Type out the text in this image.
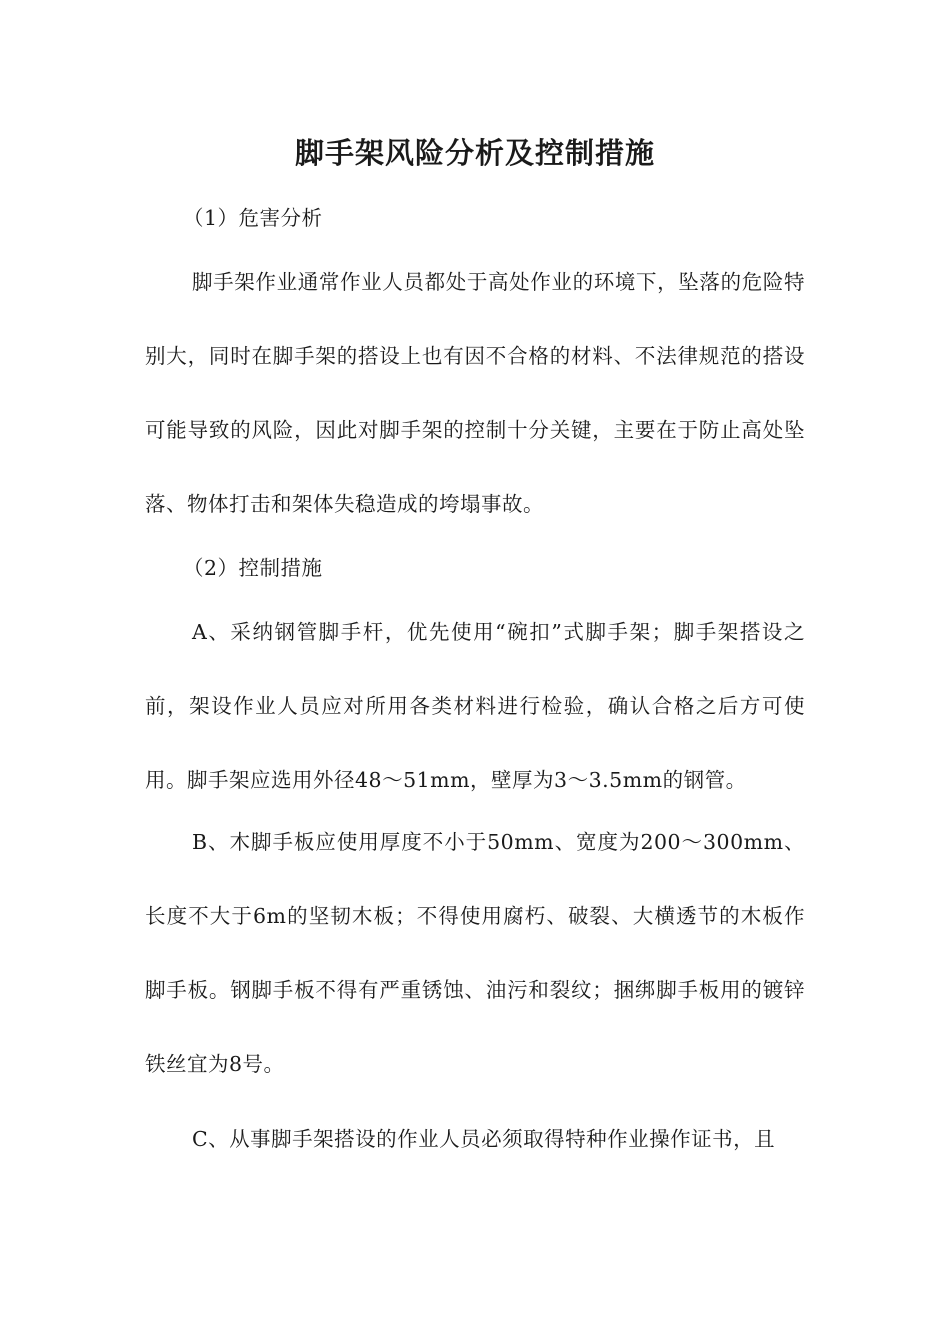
脚手架风险分析及控制措施
（1）危害分析

脚手架作业通常作业人员都处于高处作业的环境下，坠落的危险特别大，同时在脚手架的搭设上也有因不合格的材料、不法律规范的搭设可能导致的风险，因此对脚手架的控制十分关键，主要在于防止高处坠落、物体打击和架体失稳造成的垮塌事故。

（2）控制措施

A、采纳钢管脚手杆，优先使用“碗扣”式脚手架；脚手架搭设之前，架设作业人员应对所用各类材料进行检验，确认合格之后方可使用。脚手架应选用外径48～51mm，壁厚为3～3.5mm的钢管。

B、木脚手板应使用厚度不小于50mm、宽度为200～300mm、长度不大于6m的坚韧木板；不得使用腐朽、破裂、大横透节的木板作脚手板。钢脚手板不得有严重锈蚀、油污和裂纹；捆绑脚手板用的镀锌铁丝宜为8号。

C、从事脚手架搭设的作业人员必须取得特种作业操作证书，且
